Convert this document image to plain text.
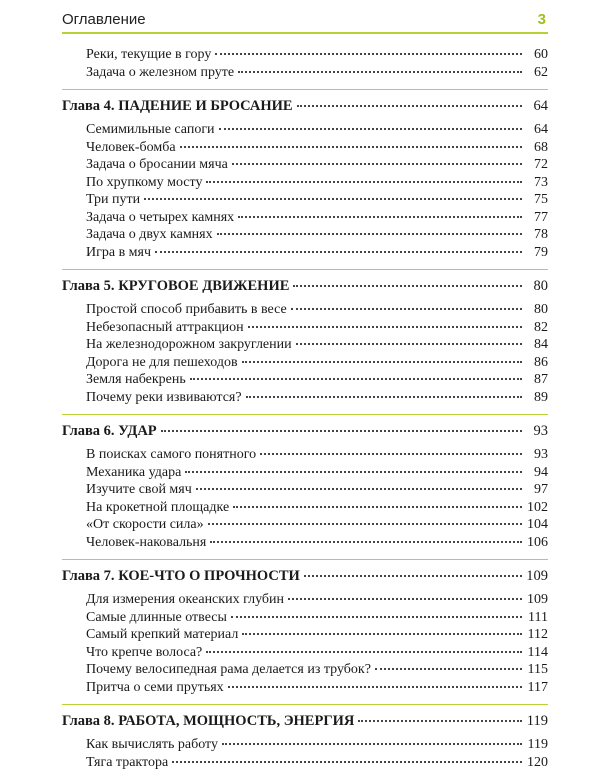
Оглавление	3
Реки, текущие в гору	60
Задача о железном пруте	62
Глава 4. ПАДЕНИЕ И БРОСАНИЕ	64
Семимильные сапоги	64
Человек-бомба	68
Задача о бросании мяча	72
По хрупкому мосту	73
Три пути	75
Задача о четырех камнях	77
Задача о двух камнях	78
Игра в мяч	79
Глава 5. КРУГОВОЕ ДВИЖЕНИЕ	80
Простой способ прибавить в весе	80
Небезопасный аттракцион	82
На железнодорожном закруглении	84
Дорога не для пешеходов	86
Земля набекрень	87
Почему реки извиваются?	89
Глава 6. УДАР	93
В поисках самого понятного	93
Механика удара	94
Изучите свой мяч	97
На крокетной площадке	102
«От скорости сила»	104
Человек-наковальня	106
Глава 7. КОЕ-ЧТО О ПРОЧНОСТИ	109
Для измерения океанских глубин	109
Самые длинные отвесы	111
Самый крепкий материал	112
Что крепче волоса?	114
Почему велосипедная рама делается из трубок?	115
Притча о семи прутьях	117
Глава 8. РАБОТА, МОЩНОСТЬ, ЭНЕРГИЯ	119
Как вычислять работу	119
Тяга трактора	120
